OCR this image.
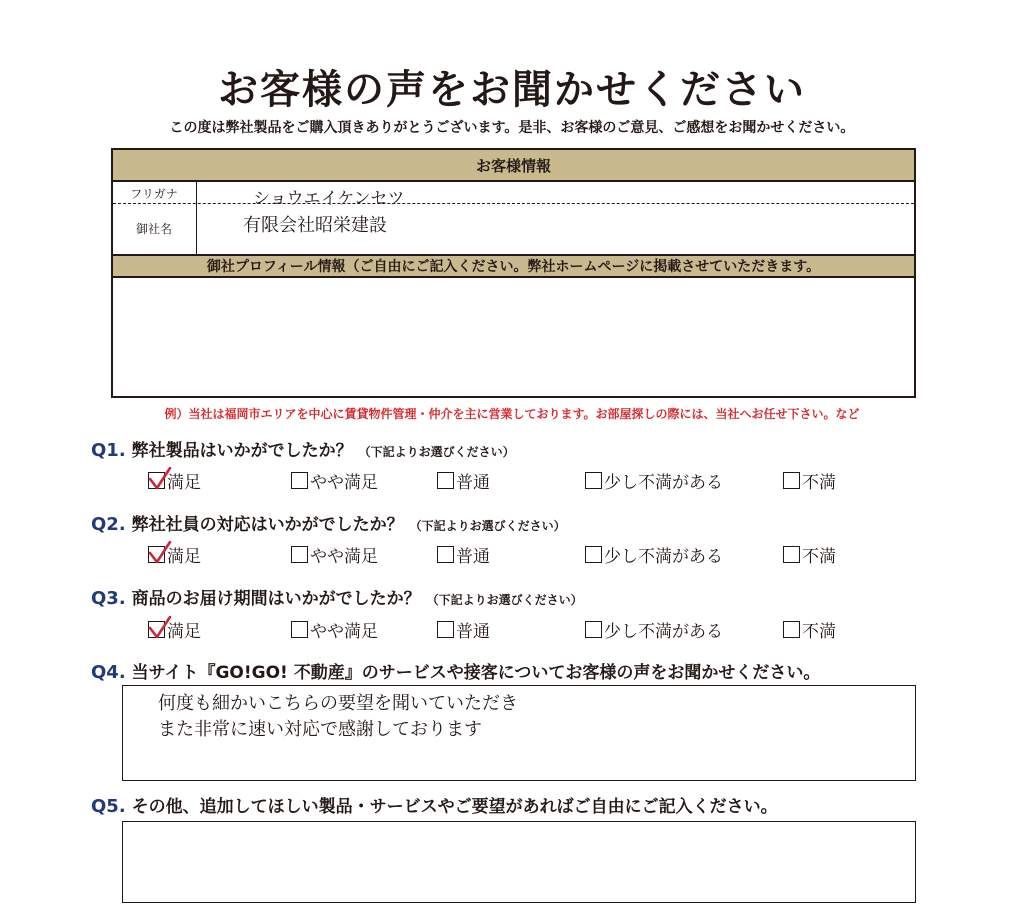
お客様の声をお聞かせください
この度は弊社製品をご購入頂きありがとうございます。是非、お客様のご意見、ご感想をお聞かせください。
お客様情報
フリガナ	ショウエイケンセツ
御社名	有限会社昭栄建設
御社プロフィール情報（ご自由にご記入ください。弊社ホームページに掲載させていただきます。
例）当社は福岡市エリアを中心に賃貸物件管理・仲介を主に営業しております。お部屋探しの際には、当社へお任せ下さい。など
Q1. 弊社製品はいかがでしたか？ （下記よりお選びください）
満足	やや満足	普通	少し不満がある	不満
Q2. 弊社社員の対応はいかがでしたか？ （下記よりお選びください）
満足	やや満足	普通	少し不満がある	不満
Q3. 商品のお届け期間はいかがでしたか？ （下記よりお選びください）
満足	やや満足	普通	少し不満がある	不満
Q4. 当サイト『GO!GO! 不動産』のサービスや接客についてお客様の声をお聞かせください。
何度も細かいこちらの要望を聞いていただき
また非常に速い対応で感謝しております
Q5. その他、追加してほしい製品・サービスやご要望があればご自由にご記入ください。
